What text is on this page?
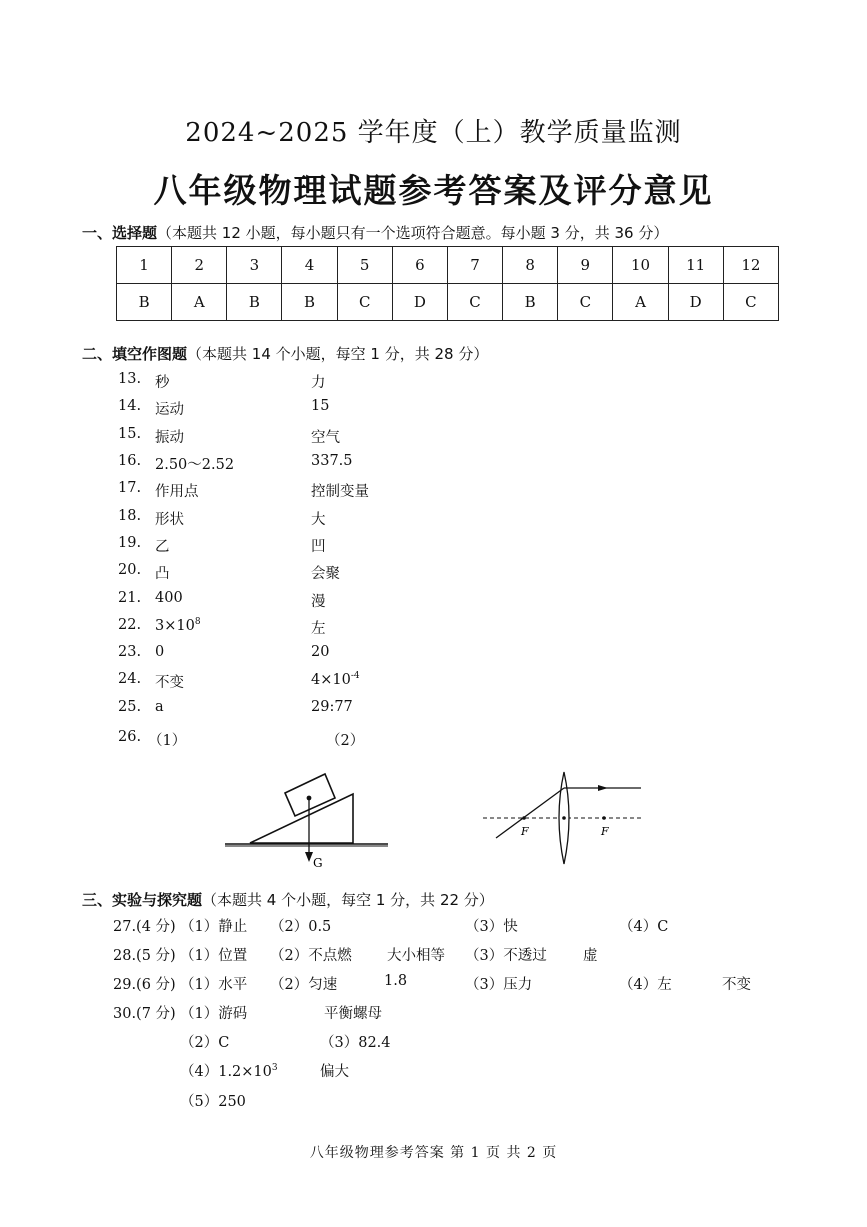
2024~2025 学年度（上）教学质量监测
八年级物理试题参考答案及评分意见
一、选择题（本题共 12 小题，每小题只有一个选项符合题意。每小题 3 分，共 36 分）
1	2	3	4	5	6	7	8	9	10	11	12
B	A	B	B	C	D	C	B	C	A	D	C
二、填空作图题（本题共 14 个小题，每空 1 分，共 28 分）
13. 秒	力
14. 运动	15
15. 振动	空气
16. 2.50～2.52	337.5
17. 作用点	控制变量
18. 形状	大
19. 乙	凹
20. 凸	会聚
21. 400	漫
22. $3\times 10^8$	左
23. 0	20
24. 不变	$4\times 10^{-4}$
25. a	29:77
26. （1）	（2）
G
F	F
三、实验与探究题（本题共 4 个小题，每空 1 分，共 22 分）
27.(4 分) （1）静止 （2）0.5	（3）快	（4）C
28.(5 分) （1）位置 （2）不点燃 大小相等 （3）不透过	虚
29.(6 分) （1）水平 （2）匀速	1.8	（3）压力	（4）左	不变
30.(7 分) （1）游码	平衡螺母
（2）C	（3）82.4
$(4)1.2\times 10^3$	偏大
（5）250
八年级物理参考答案 第 1 页 共 2 页
